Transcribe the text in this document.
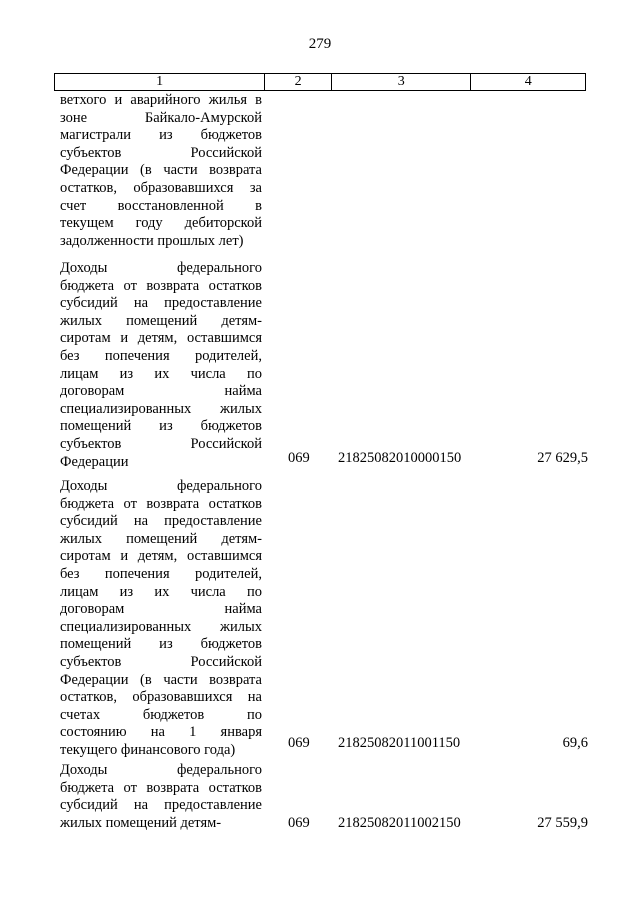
279
1	2	3	4
ветхого и аварийного жилья в
зоне Байкало-Амурской
магистрали из бюджетов
субъектов Российской
Федерации (в части возврата
остатков, образовавшихся за
счет восстановленной в
текущем году дебиторской
задолженности прошлых лет)
Доходы федерального
бюджета от возврата остатков
субсидий на предоставление
жилых помещений детям-
сиротам и детям, оставшимся
без попечения родителей,
лицам из их числа по
договорам найма
специализированных жилых
помещений из бюджетов
субъектов Российской
Федерации	069 21825082010000150	27 629,5
Доходы федерального
бюджета от возврата остатков
субсидий на предоставление
жилых помещений детям-
сиротам и детям, оставшимся
без попечения родителей,
лицам из их числа по
договорам найма
специализированных жилых
помещений из бюджетов
субъектов Российской
Федерации (в части возврата
остатков, образовавшихся на
счетах бюджетов по
состоянию на 1 января
текущего финансового года)	069 21825082011001150	69,6
Доходы федерального
бюджета от возврата остатков
субсидий на предоставление
жилых помещений детям-	069 21825082011002150	27 559,9
